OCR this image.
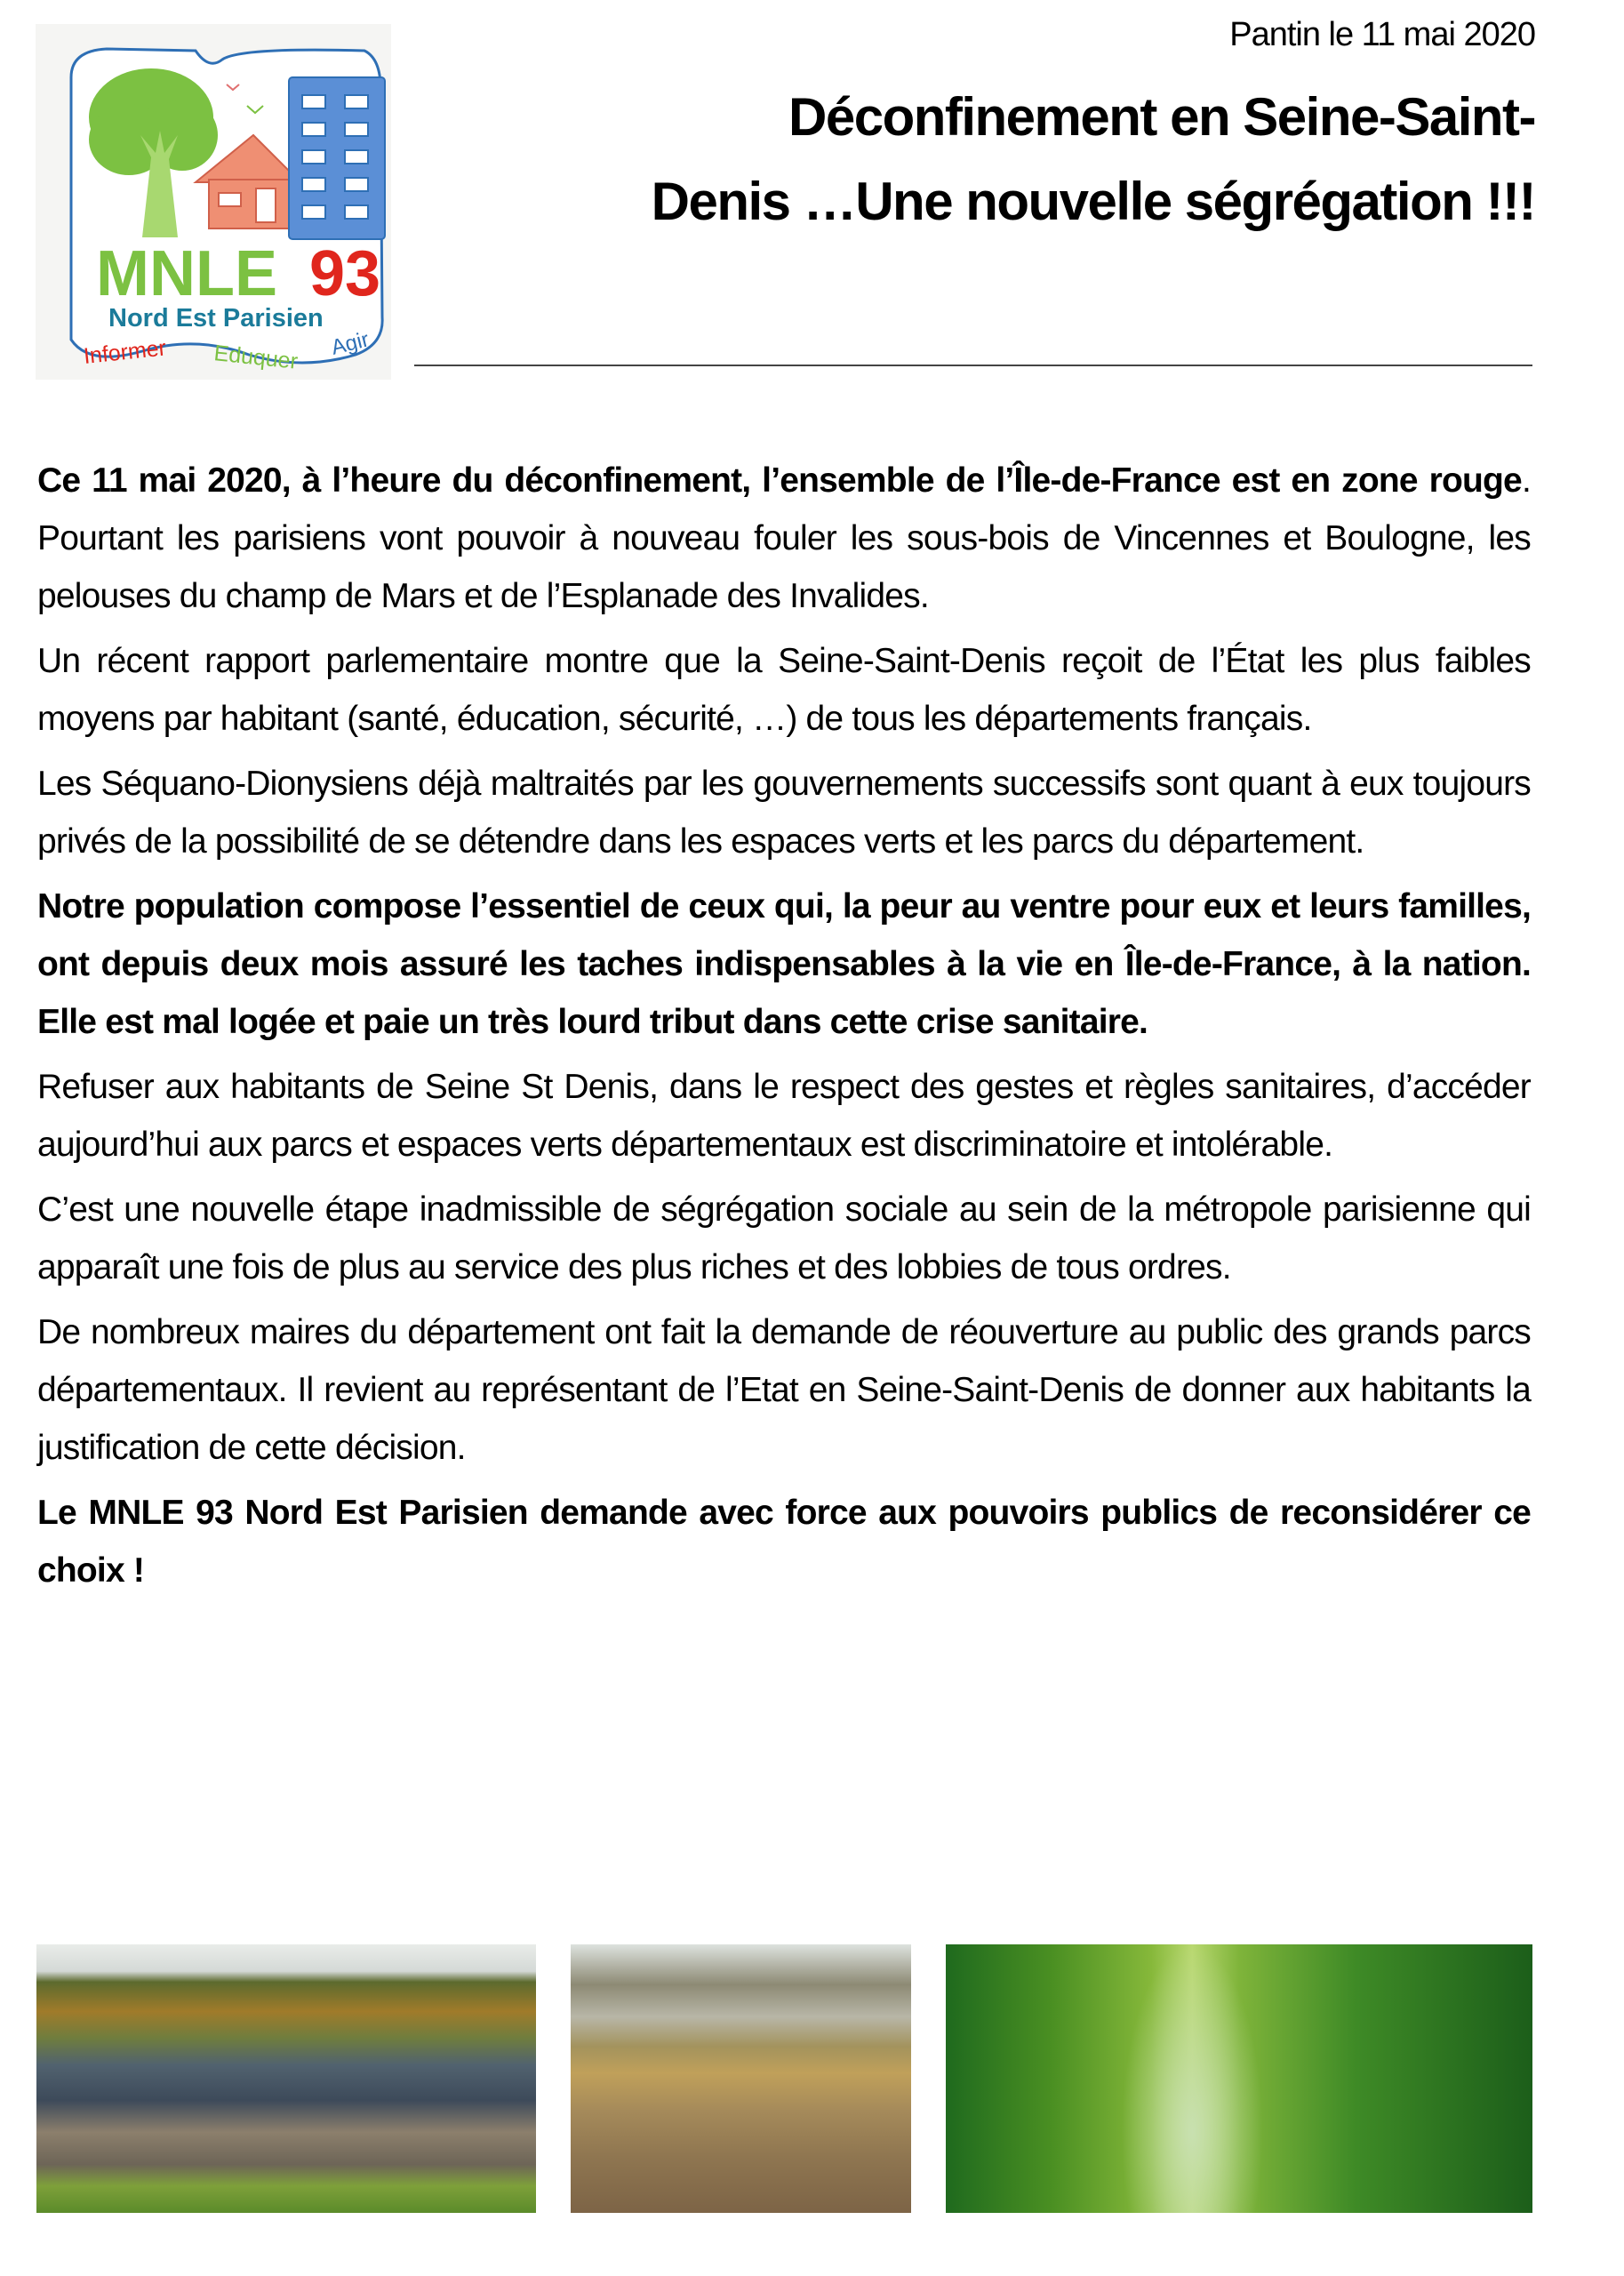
MNLE 93
Nord Est Parisien
Informer Eduquer Agir
Pantin le 11 mai 2020
Déconfinement en Seine-Saint-
Denis …Une nouvelle ségrégation !!!

Ce 11 mai 2020, à l’heure du déconfinement, l’ensemble de l’Île-de-France est en zone rouge. Pourtant les parisiens vont pouvoir à nouveau fouler les sous-bois de Vincennes et Boulogne, les pelouses du champ de Mars et de l’Esplanade des Invalides.

Un récent rapport parlementaire montre que la Seine-Saint-Denis reçoit de l’État les plus faibles moyens par habitant (santé, éducation, sécurité, …) de tous les départements français.

Les Séquano-Dionysiens déjà maltraités par les gouvernements successifs sont quant à eux toujours privés de la possibilité de se détendre dans les espaces verts et les parcs du département.

Notre population compose l’essentiel de ceux qui, la peur au ventre pour eux et leurs familles, ont depuis deux mois assuré les taches indispensables à la vie en Île-de-France, à la nation. Elle est mal logée et paie un très lourd tribut dans cette crise sanitaire.

Refuser aux habitants de Seine St Denis, dans le respect des gestes et règles sanitaires, d’accéder aujourd’hui aux parcs et espaces verts départementaux est discriminatoire et intolérable.

C’est une nouvelle étape inadmissible de ségrégation sociale au sein de la métropole parisienne qui apparaît une fois de plus au service des plus riches et des lobbies de tous ordres.

De nombreux maires du département ont fait la demande de réouverture au public des grands parcs départementaux. Il revient au représentant de l’Etat en Seine-Saint-Denis de donner aux habitants la justification de cette décision.

Le MNLE 93 Nord Est Parisien demande avec force aux pouvoirs publics de reconsidérer ce choix !
